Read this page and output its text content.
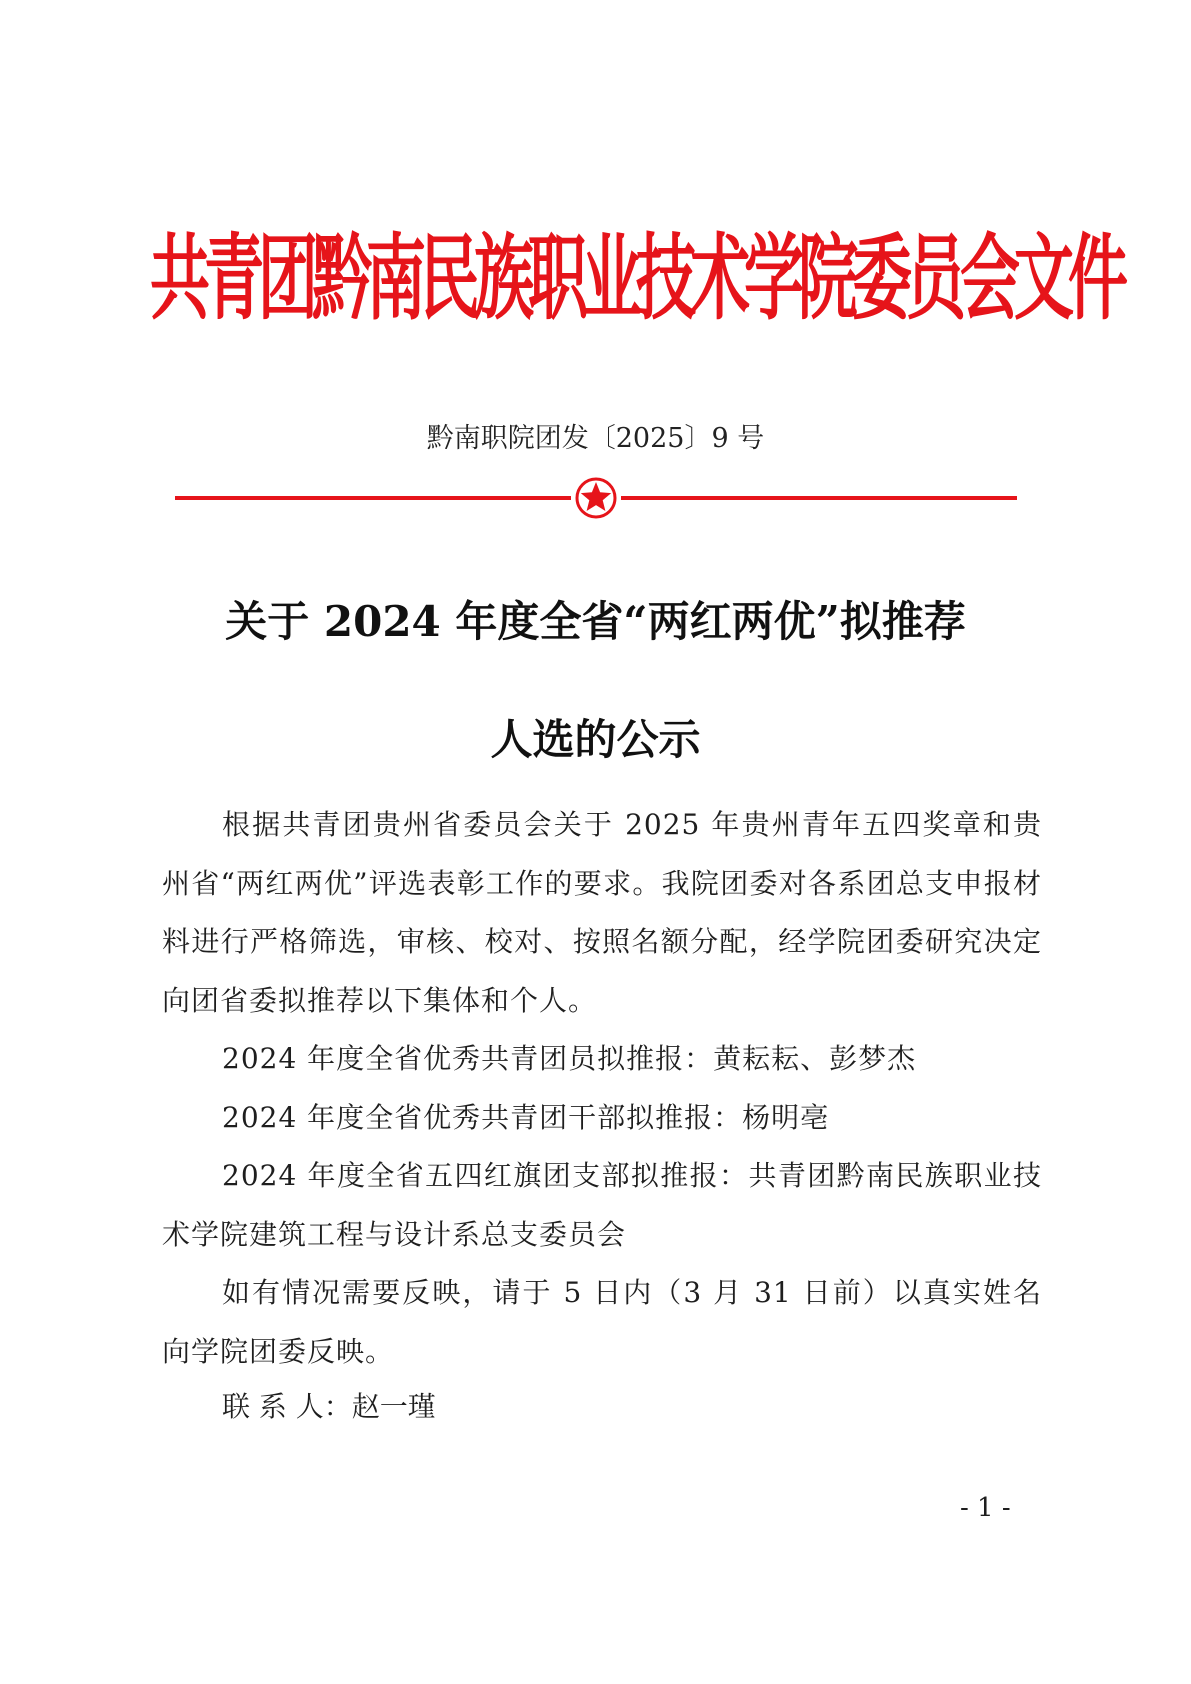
共青团黔南民族职业技术学院委员会文件
黔南职院团发〔2025〕9 号
关于 2024 年度全省“两红两优”拟推荐
人选的公示

根据共青团贵州省委员会关于 2025 年贵州青年五四奖章和贵州省“两红两优”评选表彰工作的要求。我院团委对各系团总支申报材料进行严格筛选，审核、校对、按照名额分配，经学院团委研究决定向团省委拟推荐以下集体和个人。

2024 年度全省优秀共青团员拟推报：黄耘耘、彭梦杰

2024 年度全省优秀共青团干部拟推报：杨明亳

2024 年度全省五四红旗团支部拟推报：共青团黔南民族职业技术学院建筑工程与设计系总支委员会

如有情况需要反映，请于 5 日内（3 月 31 日前）以真实姓名向学院团委反映。

联 系 人：赵一瑾
- 1 -
